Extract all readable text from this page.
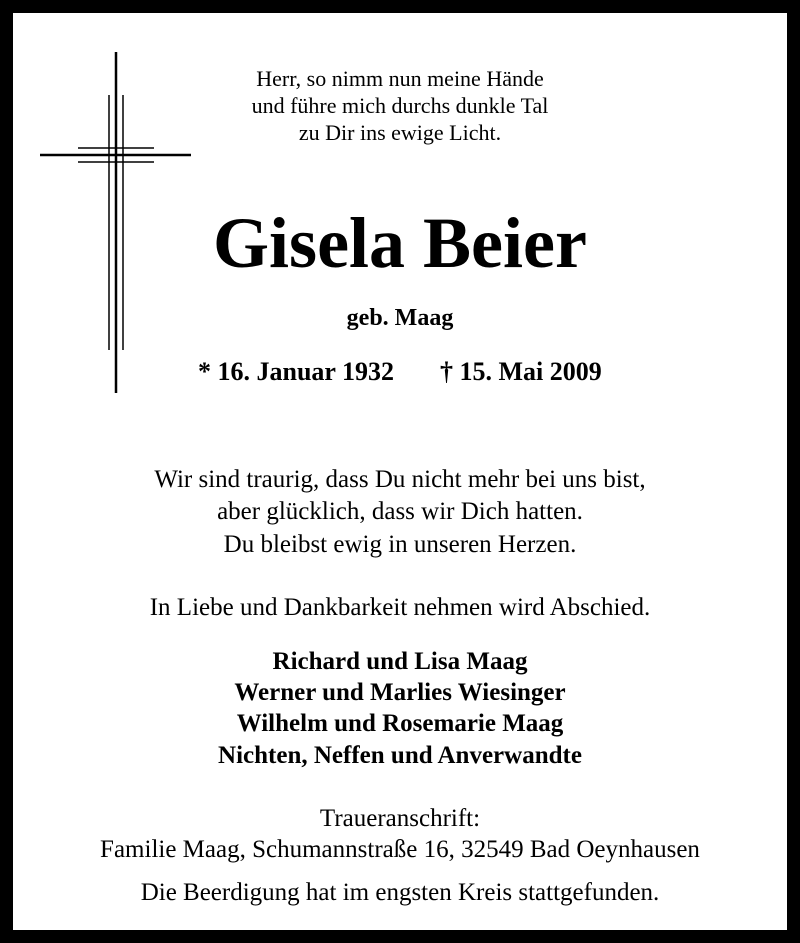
Herr, so nimm nun meine Hände
und führe mich durchs dunkle Tal
zu Dir ins ewige Licht.
Gisela Beier
geb. Maag
* 16. Januar 1932 † 15. Mai 2009
Wir sind traurig, dass Du nicht mehr bei uns bist,
aber glücklich, dass wir Dich hatten.
Du bleibst ewig in unseren Herzen.
In Liebe und Dankbarkeit nehmen wird Abschied.
Richard und Lisa Maag
Werner und Marlies Wiesinger
Wilhelm und Rosemarie Maag
Nichten, Neffen und Anverwandte
Traueranschrift:
Familie Maag, Schumannstraße 16, 32549 Bad Oeynhausen
Die Beerdigung hat im engsten Kreis stattgefunden.
